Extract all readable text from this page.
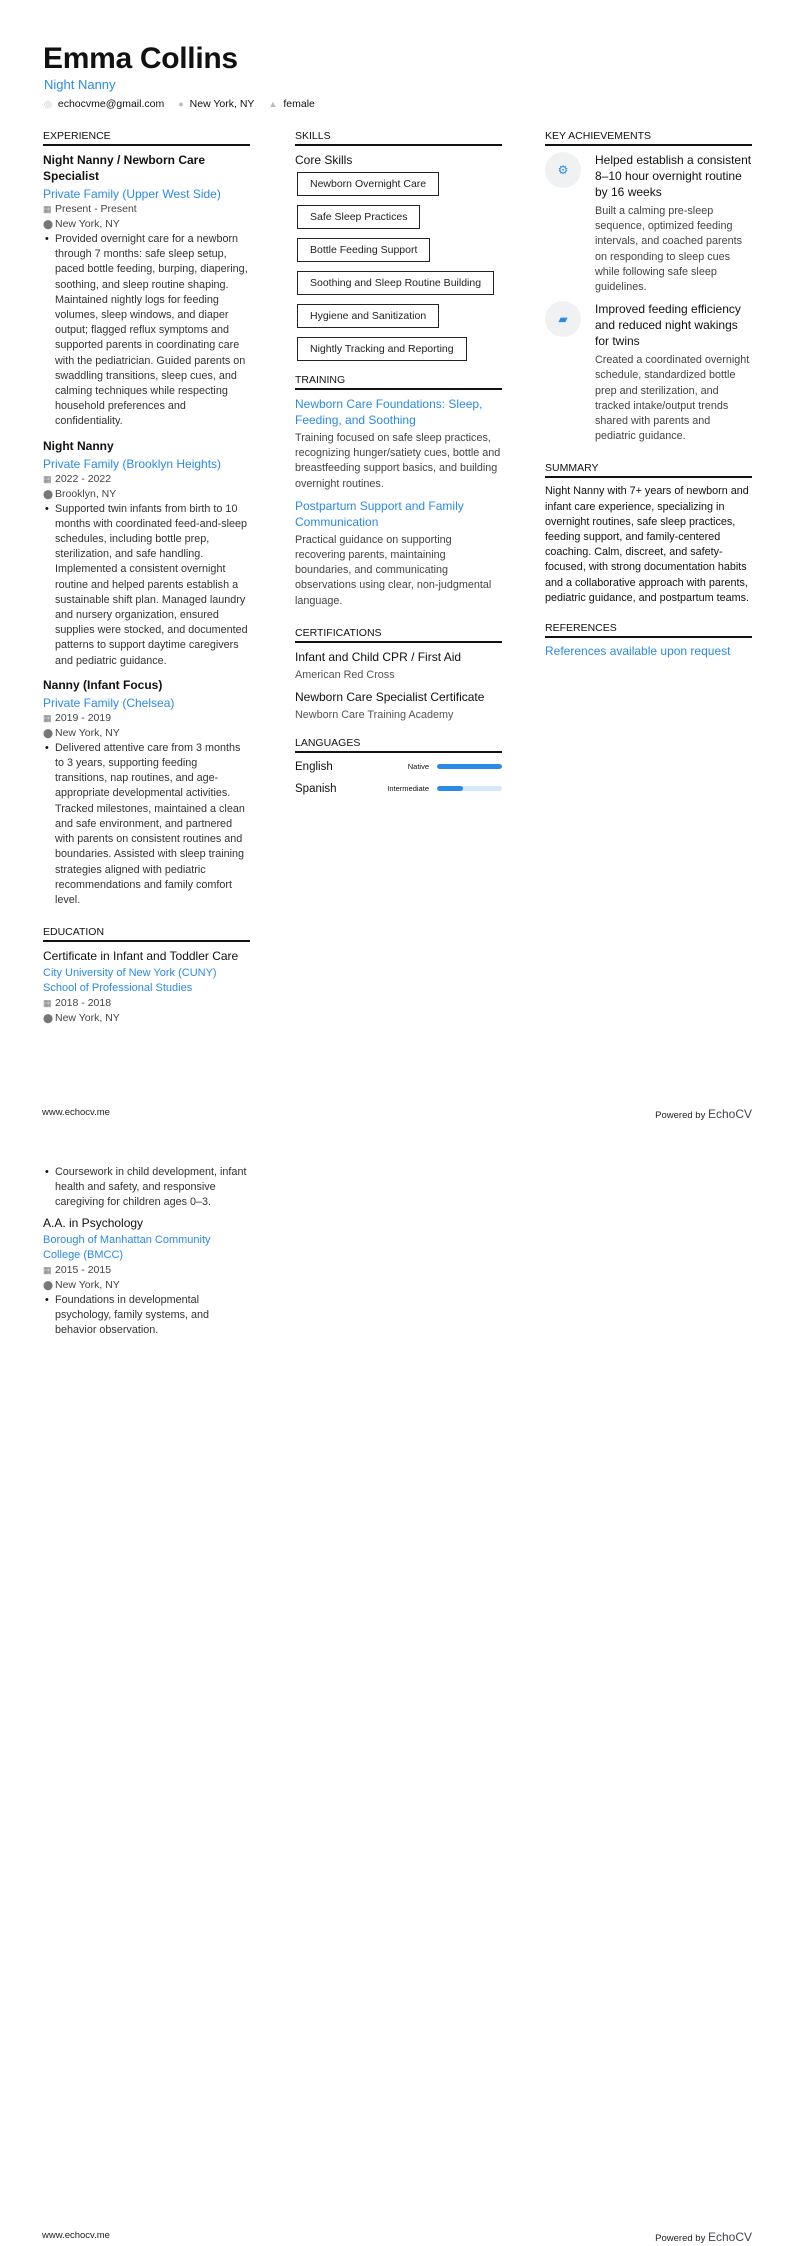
Emma Collins
Night Nanny
◎ echocvme@gmail.com ● New York, NY ▲ female
EXPERIENCE
Night Nanny / Newborn Care Specialist
Private Family (Upper West Side)
▦ Present - Present
⬤ New York, NY
• Provided overnight care for a newborn through 7 months: safe sleep setup, paced bottle feeding, burping, diapering, soothing, and sleep routine shaping. Maintained nightly logs for feeding volumes, sleep windows, and diaper output; flagged reflux symptoms and supported parents in coordinating care with the pediatrician. Guided parents on swaddling transitions, sleep cues, and calming techniques while respecting household preferences and confidentiality.
Night Nanny
Private Family (Brooklyn Heights)
▦ 2022 - 2022
⬤ Brooklyn, NY
• Supported twin infants from birth to 10 months with coordinated feed-and-sleep schedules, including bottle prep, sterilization, and safe handling. Implemented a consistent overnight routine and helped parents establish a sustainable shift plan. Managed laundry and nursery organization, ensured supplies were stocked, and documented patterns to support daytime caregivers and pediatric guidance.
Nanny (Infant Focus)
Private Family (Chelsea)
▦ 2019 - 2019
⬤ New York, NY
• Delivered attentive care from 3 months to 3 years, supporting feeding transitions, nap routines, and age-appropriate developmental activities. Tracked milestones, maintained a clean and safe environment, and partnered with parents on consistent routines and boundaries. Assisted with sleep training strategies aligned with pediatric recommendations and family comfort level.
EDUCATION
Certificate in Infant and Toddler Care
City University of New York (CUNY) School of Professional Studies
▦ 2018 - 2018
⬤ New York, NY
SKILLS
Core Skills
Newborn Overnight Care
Safe Sleep Practices
Bottle Feeding Support
Soothing and Sleep Routine Building
Hygiene and Sanitization
Nightly Tracking and Reporting

TRAINING
Newborn Care Foundations: Sleep, Feeding, and Soothing
Training focused on safe sleep practices, recognizing hunger/satiety cues, bottle and breastfeeding support basics, and building overnight routines.
Postpartum Support and Family Communication
Practical guidance on supporting recovering parents, maintaining boundaries, and communicating observations using clear, non-judgmental language.
CERTIFICATIONS
Infant and Child CPR / First Aid
American Red Cross
Newborn Care Specialist Certificate
Newborn Care Training Academy
LANGUAGES
English	Native
Spanish	Intermediate
KEY ACHIEVEMENTS
⚙
Helped establish a consistent 8–10 hour overnight routine by 16 weeks
Built a calming pre-sleep sequence, optimized feeding intervals, and coached parents on responding to sleep cues while following safe sleep guidelines.
▰
Improved feeding efficiency and reduced night wakings for twins
Created a coordinated overnight schedule, standardized bottle prep and sterilization, and tracked intake/output trends shared with parents and pediatric guidance.
SUMMARY
Night Nanny with 7+ years of newborn and infant care experience, specializing in overnight routines, safe sleep practices, feeding support, and family-centered coaching. Calm, discreet, and safety-focused, with strong documentation habits and a collaborative approach with parents, pediatric guidance, and postpartum teams.
REFERENCES
References available upon request
www.echocv.me	Powered by EchoCV
• Coursework in child development, infant health and safety, and responsive caregiving for children ages 0–3.
A.A. in Psychology
Borough of Manhattan Community College (BMCC)
▦ 2015 - 2015
⬤ New York, NY
• Foundations in developmental psychology, family systems, and behavior observation.
www.echocv.me	Powered by EchoCV
